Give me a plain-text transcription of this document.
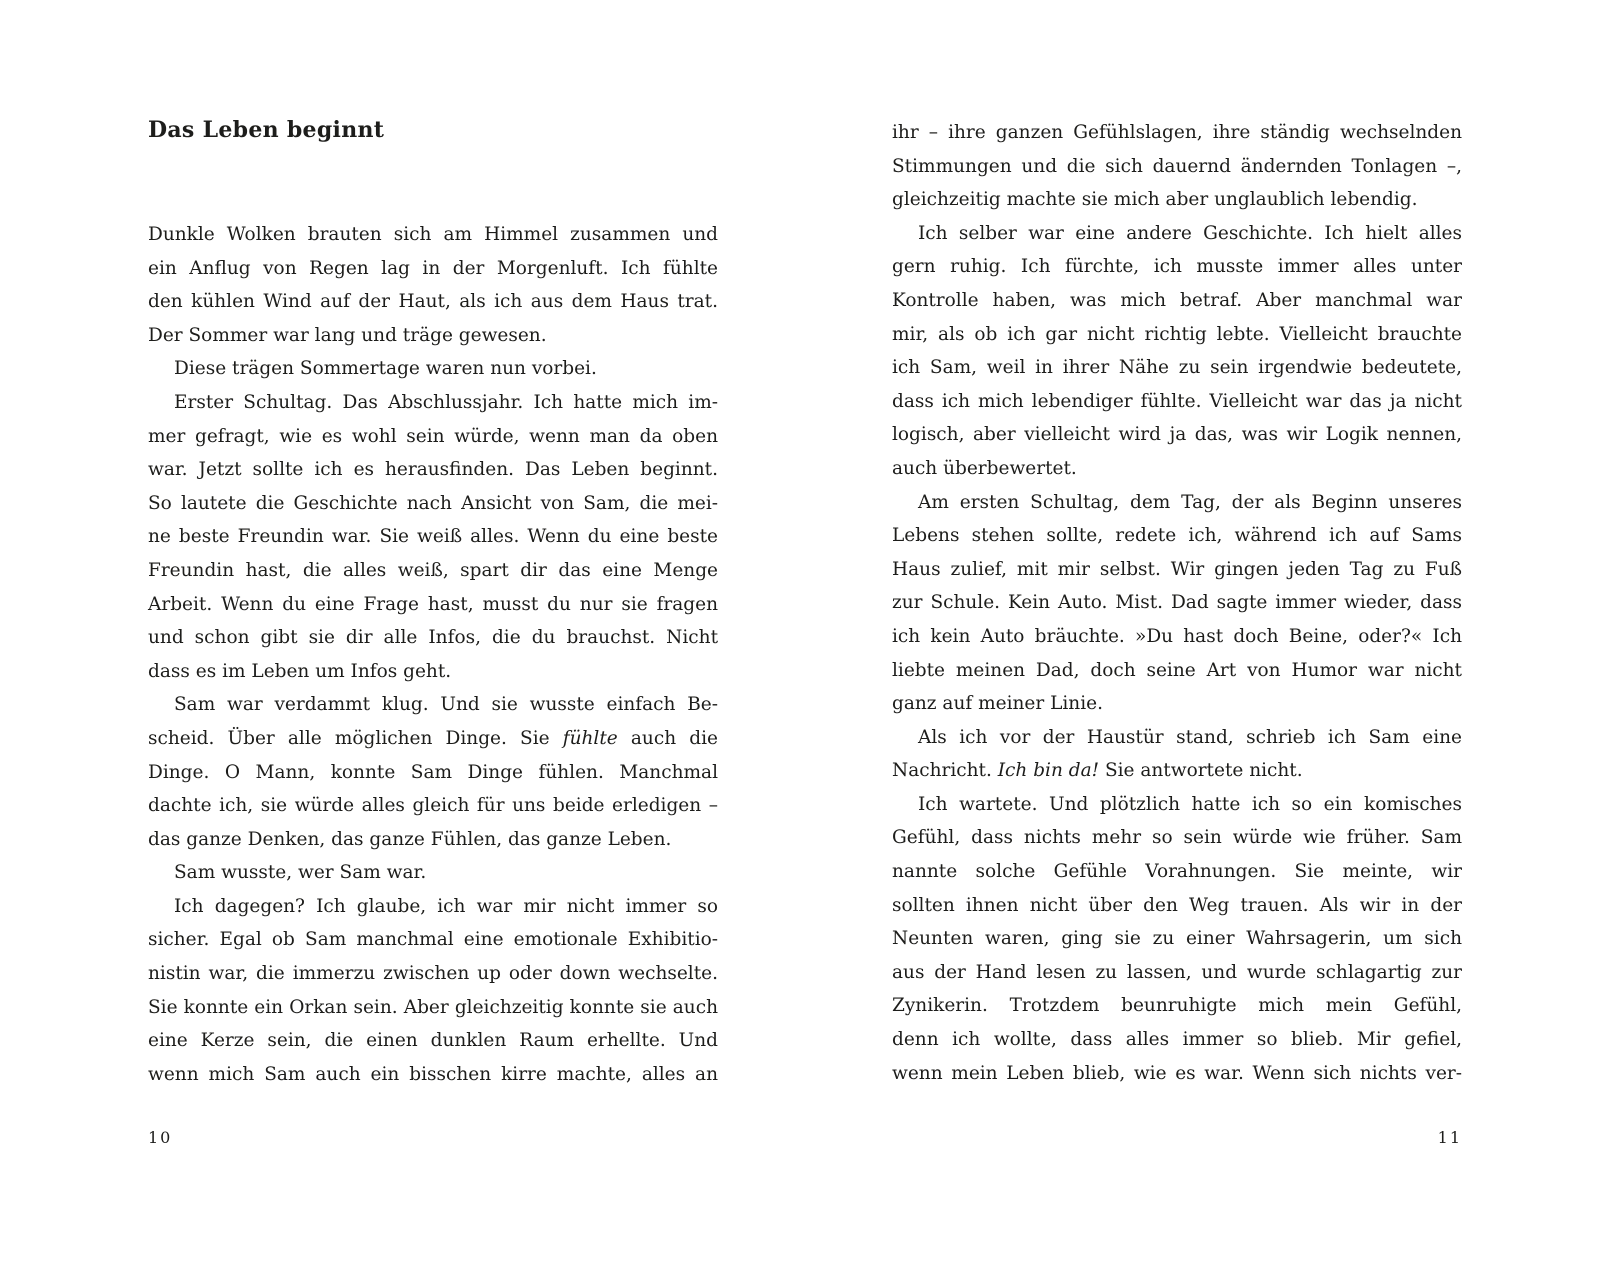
Das Leben beginnt
Dunkle Wolken brauten sich am Himmel zusammen und
ein Anflug von Regen lag in der Morgenluft. Ich fühlte
den kühlen Wind auf der Haut, als ich aus dem Haus trat.
Der Sommer war lang und träge gewesen.
Diese trägen Sommertage waren nun vorbei.
Erster Schultag. Das Abschlussjahr. Ich hatte mich im-
mer gefragt, wie es wohl sein würde, wenn man da oben
war. Jetzt sollte ich es herausfinden. Das Leben beginnt.
So lautete die Geschichte nach Ansicht von Sam, die mei-
ne beste Freundin war. Sie weiß alles. Wenn du eine beste
Freundin hast, die alles weiß, spart dir das eine Menge
Arbeit. Wenn du eine Frage hast, musst du nur sie fragen
und schon gibt sie dir alle Infos, die du brauchst. Nicht
dass es im Leben um Infos geht.
Sam war verdammt klug. Und sie wusste einfach Be-
scheid. Über alle möglichen Dinge. Sie fühlte auch die
Dinge. O Mann, konnte Sam Dinge fühlen. Manchmal
dachte ich, sie würde alles gleich für uns beide erledigen –
das ganze Denken, das ganze Fühlen, das ganze Leben.
Sam wusste, wer Sam war.
Ich dagegen? Ich glaube, ich war mir nicht immer so
sicher. Egal ob Sam manchmal eine emotionale Exhibitio-
nistin war, die immerzu zwischen up oder down wechselte.
Sie konnte ein Orkan sein. Aber gleichzeitig konnte sie auch
eine Kerze sein, die einen dunklen Raum erhellte. Und
wenn mich Sam auch ein bisschen kirre machte, alles an
10
ihr – ihre ganzen Gefühlslagen, ihre ständig wechselnden
Stimmungen und die sich dauernd ändernden Tonlagen –,
gleichzeitig machte sie mich aber unglaublich lebendig.
Ich selber war eine andere Geschichte. Ich hielt alles
gern ruhig. Ich fürchte, ich musste immer alles unter
Kontrolle haben, was mich betraf. Aber manchmal war
mir, als ob ich gar nicht richtig lebte. Vielleicht brauchte
ich Sam, weil in ihrer Nähe zu sein irgendwie bedeutete,
dass ich mich lebendiger fühlte. Vielleicht war das ja nicht
logisch, aber vielleicht wird ja das, was wir Logik nennen,
auch überbewertet.
Am ersten Schultag, dem Tag, der als Beginn unseres
Lebens stehen sollte, redete ich, während ich auf Sams
Haus zulief, mit mir selbst. Wir gingen jeden Tag zu Fuß
zur Schule. Kein Auto. Mist. Dad sagte immer wieder, dass
ich kein Auto bräuchte. »Du hast doch Beine, oder?« Ich
liebte meinen Dad, doch seine Art von Humor war nicht
ganz auf meiner Linie.
Als ich vor der Haustür stand, schrieb ich Sam eine
Nachricht. Ich bin da! Sie antwortete nicht.
Ich wartete. Und plötzlich hatte ich so ein komisches
Gefühl, dass nichts mehr so sein würde wie früher. Sam
nannte solche Gefühle Vorahnungen. Sie meinte, wir
sollten ihnen nicht über den Weg trauen. Als wir in der
Neunten waren, ging sie zu einer Wahrsagerin, um sich
aus der Hand lesen zu lassen, und wurde schlagartig zur
Zynikerin. Trotzdem beunruhigte mich mein Gefühl,
denn ich wollte, dass alles immer so blieb. Mir gefiel,
wenn mein Leben blieb, wie es war. Wenn sich nichts ver-
11
